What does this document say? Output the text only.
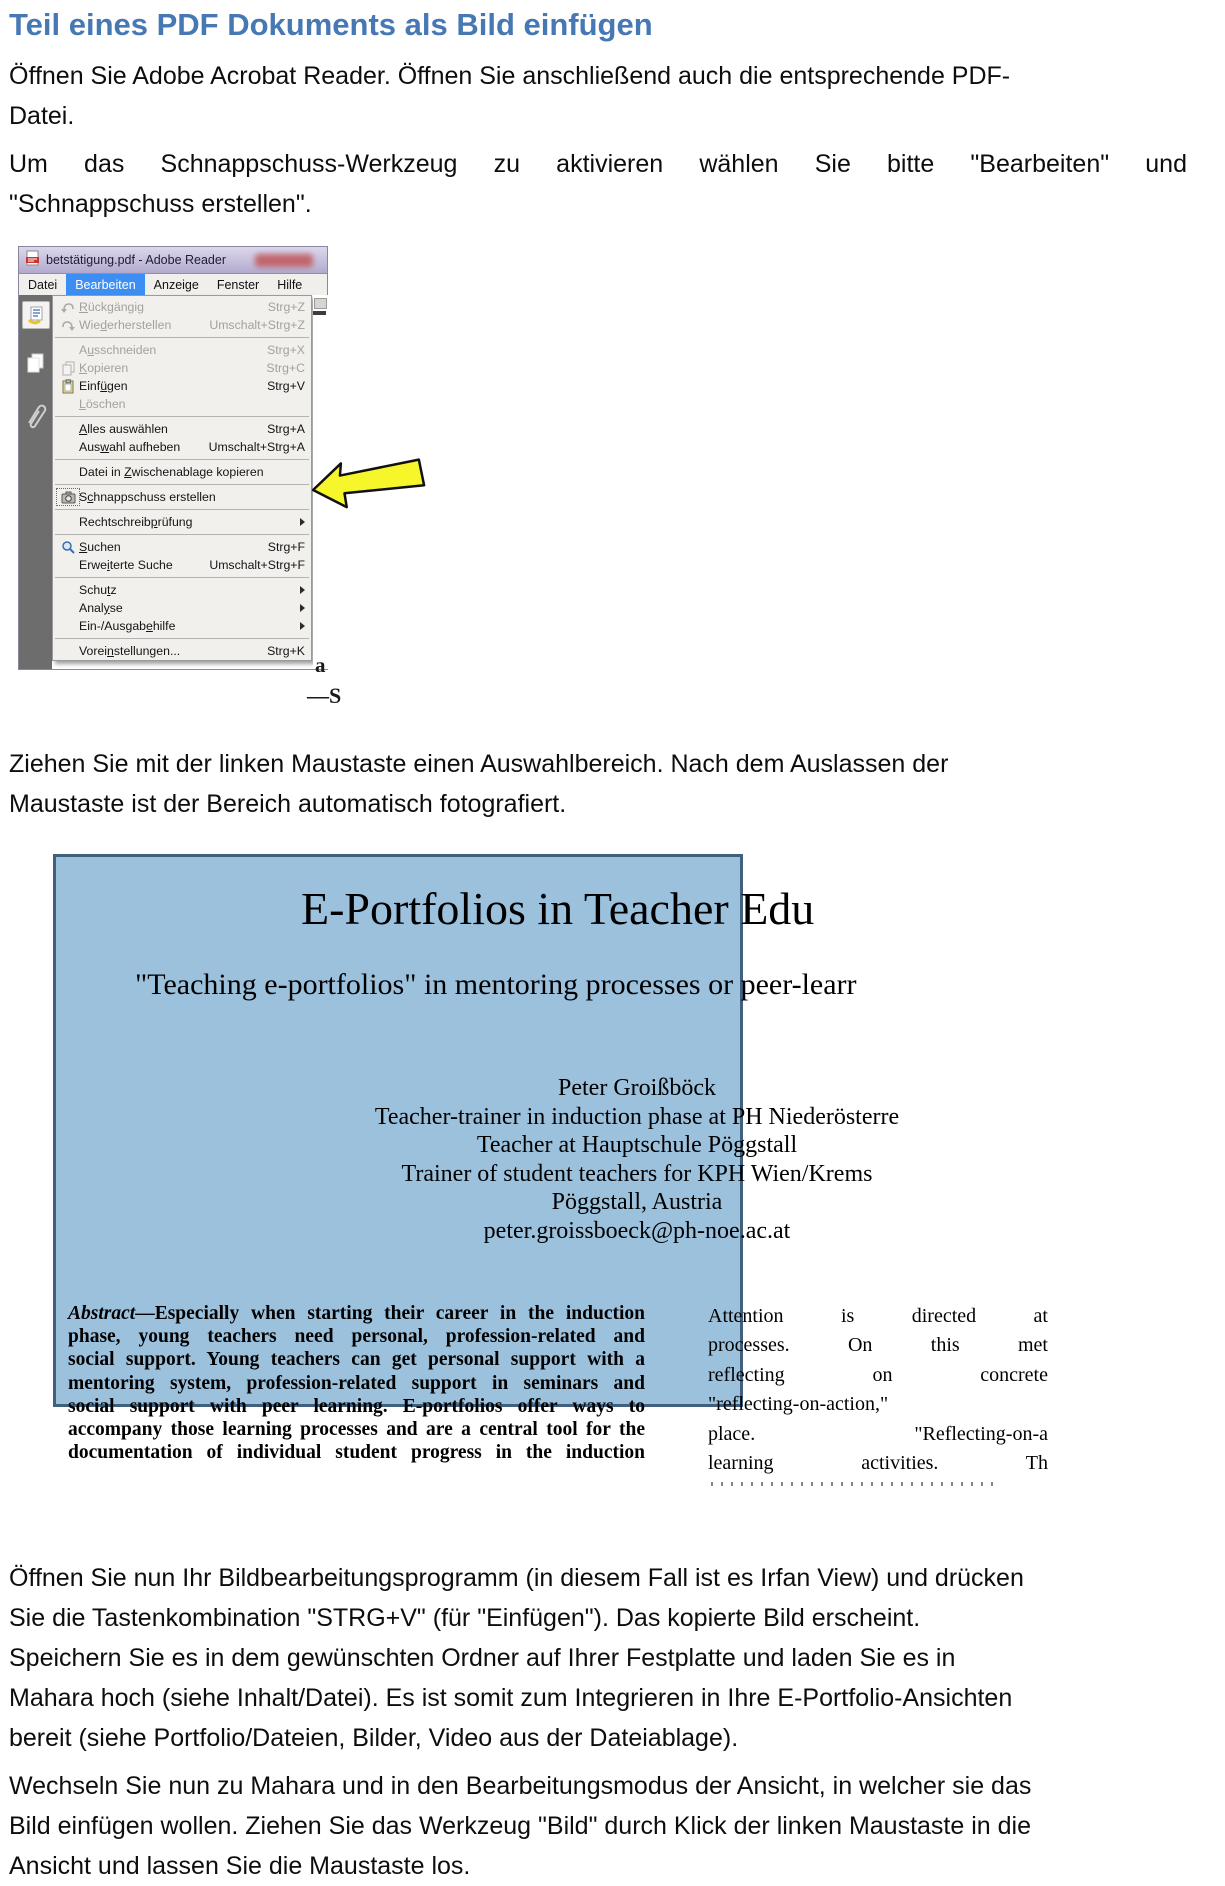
Teil eines PDF Dokuments als Bild einfügen
Öffnen Sie Adobe Acrobat Reader. Öffnen Sie anschließend auch die entsprechende PDF-
Datei.
Um das Schnappschuss-Werkzeug zu aktivieren wählen Sie bitte "Bearbeiten" und
"Schnappschuss erstellen".
betstätigung.pdf - Adobe Reader
Datei	Bearbeiten	Anzeige	Fenster	Hilfe
Rückgängig	Strg+Z
Wiederherstellen	Umschalt+Strg+Z
Ausschneiden	Strg+X
Kopieren	Strg+C
Einfügen	Strg+V
Löschen
Alles auswählen	Strg+A
Auswahl aufheben	Umschalt+Strg+A
Datei in Zwischenablage kopieren
Schnappschuss erstellen
Rechtschreibprüfung
Suchen	Strg+F
Erweiterte Suche	Umschalt+Strg+F
Schutz
Analyse
Ein-/Ausgabehilfe
Voreinstellungen...	Strg+K
a
—S
Ziehen Sie mit der linken Maustaste einen Auswahlbereich. Nach dem Auslassen der
Maustaste ist der Bereich automatisch fotografiert.
E-Portfolios in Teacher Edu
"Teaching e-portfolios" in mentoring processes or peer-learr
Peter Groißböck
Teacher-trainer in induction phase at PH Niederösterre
Teacher at Hauptschule Pöggstall
Trainer of student teachers for KPH Wien/Krems
Pöggstall, Austria
peter.groissboeck@ph-noe.ac.at
Abstract—Especially when starting their career in the induction
phase, young teachers need personal, profession-related and
social support. Young teachers can get personal support with a
mentoring system, profession-related support in seminars and
social support with peer learning. E-portfolios offer ways to
accompany those learning processes and are a central tool for the
documentation of individual student progress in the induction
Attention is directed at
processes. On this met
reflecting on concrete
"reflecting-on-action,"
place. "Reflecting-on-a
learning activities. Th
Öffnen Sie nun Ihr Bildbearbeitungsprogramm (in diesem Fall ist es Irfan View) und drücken
Sie die Tastenkombination "STRG+V" (für "Einfügen"). Das kopierte Bild erscheint.
Speichern Sie es in dem gewünschten Ordner auf Ihrer Festplatte und laden Sie es in
Mahara hoch (siehe Inhalt/Datei). Es ist somit zum Integrieren in Ihre E-Portfolio-Ansichten
bereit (siehe Portfolio/Dateien, Bilder, Video aus der Dateiablage).
Wechseln Sie nun zu Mahara und in den Bearbeitungsmodus der Ansicht, in welcher sie das
Bild einfügen wollen. Ziehen Sie das Werkzeug "Bild" durch Klick der linken Maustaste in die
Ansicht und lassen Sie die Maustaste los.
